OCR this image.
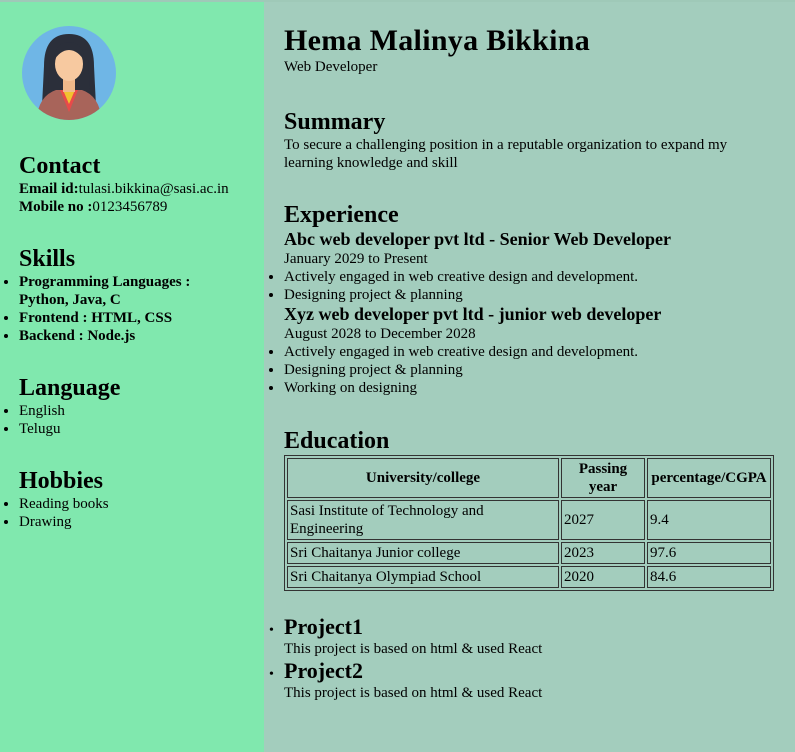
Contact
Email id:tulasi.bikkina@sasi.ac.in
Mobile no :0123456789
Skills
• Programming Languages : Python, Java, C
• Frontend : HTML, CSS
• Backend : Node.js
Language
• English
• Telugu
Hobbies
• Reading books
• Drawing
Hema Malinya Bikkina
Web Developer
Summary
To secure a challenging position in a reputable organization to expand my learning knowledge and skill
Experience
Abc web developer pvt ltd - Senior Web Developer
January 2029 to Present
• Actively engaged in web creative design and development.
• Designing project & planning
Xyz web developer pvt ltd - junior web developer
August 2028 to December 2028
• Actively engaged in web creative design and development.
• Designing project & planning
• Working on designing
Education
University/college	Passing year	percentage/CGPA
Sasi Institute of Technology and Engineering	2027	9.4
Sri Chaitanya Junior college	2023	97.6
Sri Chaitanya Olympiad School	2020	84.6
• Project1
This project is based on html & used React
• Project2
This project is based on html & used React
